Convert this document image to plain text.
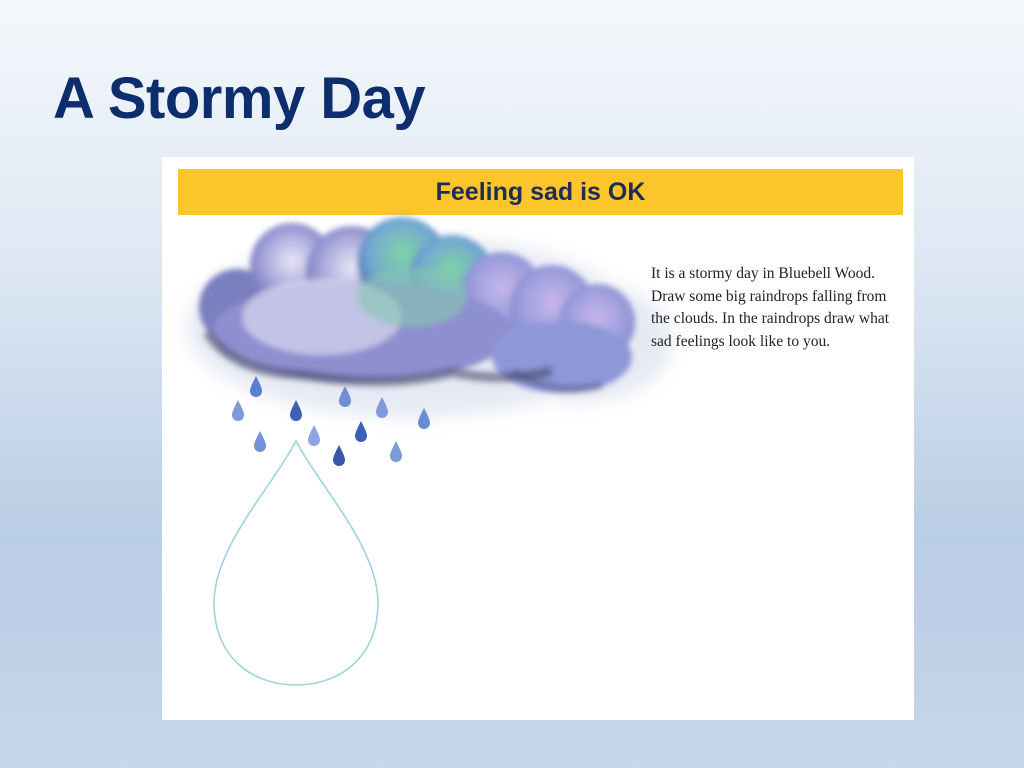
A Stormy Day
Feeling sad is OK

It is a stormy day in Bluebell Wood. Draw some big raindrops falling from the clouds. In the raindrops draw what sad feelings look like to you.
